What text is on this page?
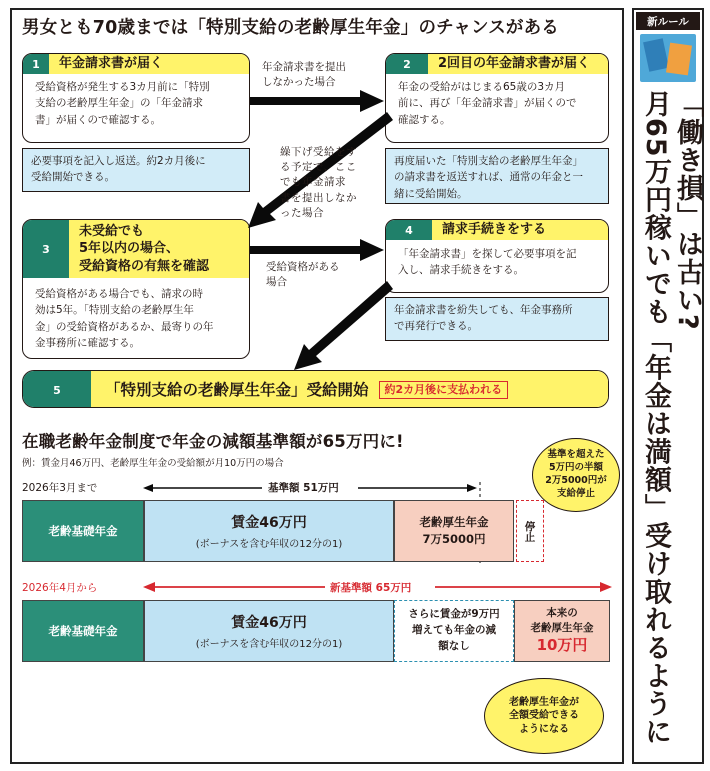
男女とも70歳までは「特別支給の老齢厚生年金」のチャンスがある
1	年金請求書が届く
受給資格が発生する3カ月前に「特別
支給の老齢厚生年金」の「年金請求
書」が届くので確認する。
必要事項を記入し返送。約2カ月後に
受給開始できる。
2	2回目の年金請求書が届く
年金の受給がはじまる65歳の3カ月
前に、再び「年金請求書」が届くので
確認する。
再度届いた「特別支給の老齢厚生年金」
の請求書を返送すれば、通常の年金と一
緒に受給開始。
3
未受給でも
5年以内の場合、
受給資格の有無を確認
受給資格がある場合でも、請求の時
効は5年。「特別支給の老齢厚生年
金」の受給資格があるか、最寄りの年
金事務所に確認する。
4	請求手続きをする
「年金請求書」を探して必要事項を記
入し、請求手続きをする。
年金請求書を紛失しても、年金事務所
で再発行できる。
年金請求書を提出
しなかった場合
繰下げ受給をす
る予定で、ここ
でも年金請求
書を提出しなか
った場合
受給資格がある
場合
5	「特別支給の老齢厚生年金」受給開始	約2カ月後に支払われる
在職老齢年金制度で年金の減額基準額が65万円に!
例：賃金月46万円、老齢厚生年金の受給額が月10万円の場合
基準を超えた
5万円の半額
2万5000円が
支給停止
2026年3月まで	基準額 51万円
老齢基礎年金	賃金46万円
(ボーナスを含む年収の12分の1)
老齢厚生年金
7万5000円	停止
2026年4月から	新基準額 65万円
老齢基礎年金	賃金46万円
(ボーナスを含む年収の12分の1)
さらに賃金が9万円
増えても年金の減
額なし
本来の
老齢厚生年金
10万円
老齢厚生年金が
全額受給できる
ようになる
新ルール
「働き損」は古い?
月65万円稼いでも「年金は満額」受け取れるように
